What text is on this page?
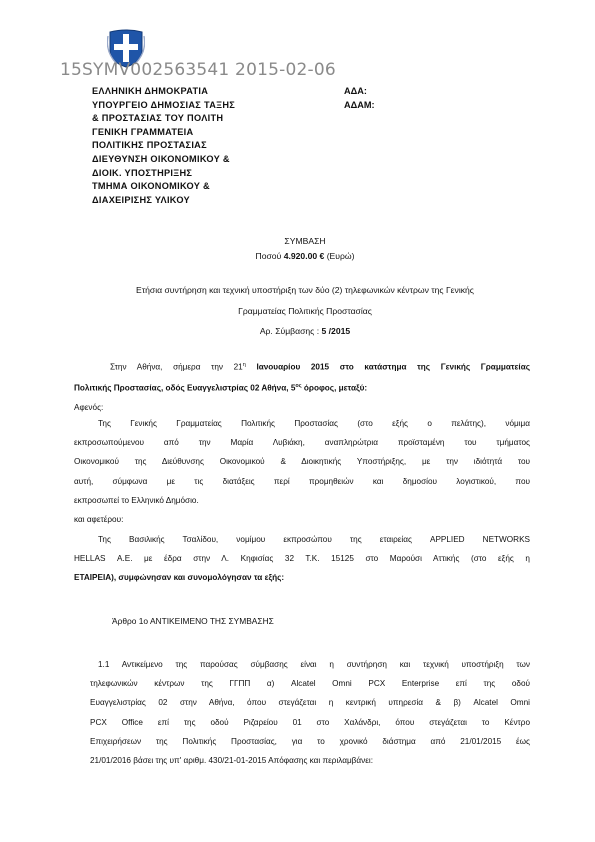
15SYMV002563541 2015-02-06
ΕΛΛΗΝΙΚΗ ΔΗΜΟΚΡΑΤΙΑ
ΥΠΟΥΡΓΕΙΟ ΔΗΜΟΣΙΑΣ ΤΑΞΗΣ
& ΠΡΟΣΤΑΣΙΑΣ ΤΟΥ ΠΟΛΙΤΗ
ΓΕΝΙΚΗ ΓΡΑΜΜΑΤΕΙΑ
ΠΟΛΙΤΙΚΗΣ ΠΡΟΣΤΑΣΙΑΣ
ΔΙΕΥΘΥΝΣΗ ΟΙΚΟΝΟΜΙΚΟΥ &
ΔΙΟΙΚ. ΥΠΟΣΤΗΡΙΞΗΣ
ΤΜΗΜΑ ΟΙΚΟΝΟΜΙΚΟΥ &
ΔΙΑΧΕΙΡΙΣΗΣ ΥΛΙΚΟΥ
ΑΔΑ:
ΑΔΑΜ:
ΣΥΜΒΑΣΗ
Ποσού 4.920.00 € (Ευρώ)
Ετήσια συντήρηση και τεχνική υποστήριξη των δύο (2) τηλεφωνικών κέντρων της Γενικής
Γραμματείας Πολιτικής Προστασίας
Αρ. Σύμβασης : 5 /2015
Στην Αθήνα, σήμερα την $21^\eta$ Ιανουαρίου 2015 στο κατάστημα της Γενικής Γραμματείας
Πολιτικής Προστασίας, οδός Ευαγγελιστρίας 02 Αθήνα, $5^{o\varsigma}$ όροφος, μεταξύ:
Αφενός:
Της Γενικής Γραμματείας Πολιτικής Προστασίας (στο εξής ο πελάτης), νόμιμα
εκπροσωπούμενου από την Μαρία Λυβιάκη, αναπληρώτρια προϊσταμένη του τμήματος
Οικονομικού της Διεύθυνσης Οικονομικού & Διοικητικής Υποστήριξης, με την ιδιότητά του
αυτή, σύμφωνα με τις διατάξεις περί προμηθειών και δημοσίου λογιστικού, που
εκπροσωπεί το Ελληνικό Δημόσιο.
και αφετέρου:
Της Βασιλικής Τσαλίδου, νομίμου εκπροσώπου της εταιρείας APPLIED NETWORKS
HELLAS Α.Ε. με έδρα στην Λ. Κηφισίας 32 Τ.Κ. 15125 στο Μαρούσι Αττικής (στο εξής η
ΕΤΑΙΡΕΙΑ), συμφώνησαν και συνομολόγησαν τα εξής:
Άρθρο 1ο ΑΝΤΙΚΕΙΜΕΝΟ ΤΗΣ ΣΥΜΒΑΣΗΣ
1.1 Αντικείμενο της παρούσας σύμβασης είναι η συντήρηση και τεχνική υποστήριξη των
τηλεφωνικών κέντρων της ΓΓΠΠ α) Alcatel Omni PCX Enterprise επί της οδού
Ευαγγελιστρίας 02 στην Αθήνα, όπου στεγάζεται η κεντρική υπηρεσία & β) Alcatel Omni
PCX Office επί της οδού Ριζαρείου 01 στο Χαλάνδρι, όπου στεγάζεται το Κέντρο
Επιχειρήσεων της Πολιτικής Προστασίας, για το χρονικό διάστημα από 21/01/2015 έως
21/01/2016 βάσει της υπ' αριθμ. 430/21-01-2015 Απόφασης και περιλαμβάνει:
